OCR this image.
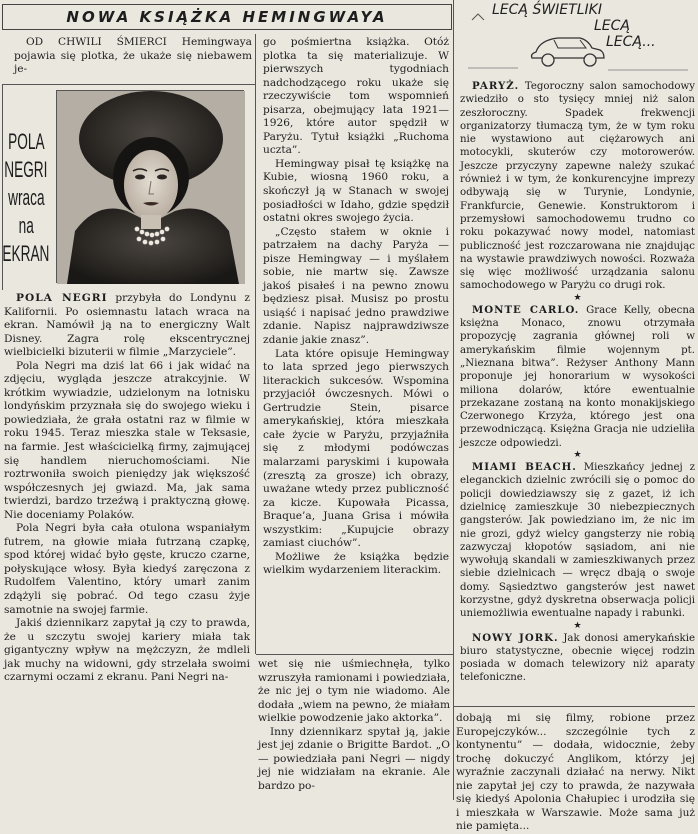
NOWA KSIĄŻKA HEMINGWAYA

OD CHWILI ŚMIERCI Hemingwaya pojawia się plotka, że ukaże się niebawem je-

go pośmiertna książka. Otóż plotka ta się materializuje. W pierwszych tygodniach nadchodzącego roku ukaże się rzeczywiście tom wspomnień pisarza, obejmujący lata 1921—1926, które autor spędził w Paryżu. Tytuł książki „Ruchoma uczta”.

Hemingway pisał tę książkę na Kubie, wiosną 1960 roku, a skończył ją w Stanach w swojej posiadłości w Idaho, gdzie spędził ostatni okres swojego życia.

„Często stałem w oknie i patrzałem na dachy Paryża — pisze Hemingway — i myślałem sobie, nie martw się. Zawsze jakoś pisałeś i na pewno znowu będziesz pisał. Musisz po prostu usiąść i napisać jedno prawdziwe zdanie. Napisz najprawdziwsze zdanie jakie znasz”.

Lata które opisuje Hemingway to lata sprzed jego pierwszych literackich sukcesów. Wspomina przyjaciół ówczesnych. Mówi o Gertrudzie Stein, pisarce amerykańskiej, która mieszkała całe życie w Paryżu, przyjaźniła się z młodymi podówczas malarzami paryskimi i kupowała (zresztą za grosze) ich obrazy, uważane wtedy przez publiczność za kicze. Kupowała Picassa, Braque’a, Juana Grisa i mówiła wszystkim: „Kupujcie obrazy zamiast ciuchów”.

Możliwe że książka będzie wielkim wydarzeniem literackim.

POLA
NEGRI
wraca
na
EKRAN

POLA NEGRI przybyła do Londynu z Kalifornii. Po osiemnastu latach wraca na ekran. Namówił ją na to energiczny Walt Disney. Zagra rolę ekscentrycznej wielbicielki bizuterii w filmie „Marzyciele”.

Pola Negri ma dziś lat 66 i jak widać na zdjęciu, wygląda jeszcze atrakcyjnie. W krótkim wywiadzie, udzielonym na lotnisku londyńskim przyznała się do swojego wieku i powiedziała, że grała ostatni raz w filmie w roku 1945. Teraz mieszka stale w Teksasie, na farmie. Jest właścicielką firmy, zajmującej się handlem nieruchomościami. Nie roztrwoniła swoich pieniędzy jak większość współczesnych jej gwiazd. Ma, jak sama twierdzi, bardzo trzeźwą i praktyczną głowę. Nie doceniamy Polaków.

Pola Negri była cała otulona wspaniałym futrem, na głowie miała futrzaną czapkę, spod której widać było gęste, kruczo czarne, połyskujące włosy. Była kiedyś zaręczona z Rudolfem Valentino, który umarł zanim zdążyli się pobrać. Od tego czasu żyje samotnie na swojej farmie.

Jakiś dziennikarz zapytał ją czy to prawda, że u szczytu swojej kariery miała tak gigantyczny wpływ na mężczyzn, że mdleli jak muchy na widowni, gdy strzelała swoimi czarnymi oczami z ekranu. Pani Negri na-

wet się nie uśmiechnęła, tylko wzruszyła ramionami i powiedziała, że nic jej o tym nie wiadomo. Ale dodała „wiem na pewno, że miałam wielkie powodzenie jako aktorka”.

Inny dziennikarz spytał ją, jakie jest jej zdanie o Brigitte Bardot. „O — powiedziała pani Negri — nigdy jej nie widziałam na ekranie. Ale bardzo po-

dobają mi się filmy, robione przez Europejczyków... szczególnie tych z kontynentu” — dodała, widocznie, żeby trochę dokuczyć Anglikom, którzy jej wyraźnie zaczynali działać na nerwy. Nikt nie zapytał jej czy to prawda, że nazywała się kiedyś Apolonia Chałupiec i urodziła się i mieszkała w Warszawie. Może sama już nie pamięta...

LECĄ ŚWIETLIKI
LECĄ
LECĄ...

PARYŻ. Tegoroczny salon samochodowy zwiedziło o sto tysięcy mniej niż salon zeszłoroczny. Spadek frekwencji organizatorzy tłumaczą tym, że w tym roku nie wystawiono aut ciężarowych ani motocykli, skuterów czy motorowerów. Jeszcze przyczyny zapewne należy szukać również i w tym, że konkurencyjne imprezy odbywają się w Turynie, Londynie, Frankfurcie, Genewie. Konstruktorom i przemysłowi samochodowemu trudno co roku pokazywać nowy model, natomiast publiczność jest rozczarowana nie znajdując na wystawie prawdziwych nowości. Rozważa się więc możliwość urządzania salonu samochodowego w Paryżu co drugi rok.

★

MONTE CARLO. Grace Kelly, obecna księżna Monaco, znowu otrzymała propozycję zagrania głównej roli w amerykańskim filmie wojennym pt. „Nieznana bitwa”. Reżyser Anthony Mann proponuje jej honorarium w wysokości miliona dolarów, które ewentualnie przekazane zostaną na konto monakijskiego Czerwonego Krzyża, którego jest ona przewodniczącą. Księżna Gracja nie udzieliła jeszcze odpowiedzi.

★

MIAMI BEACH. Mieszkańcy jednej z eleganckich dzielnic zwrócili się o pomoc do policji dowiedziawszy się z gazet, iż ich dzielnicę zamieszkuje 30 niebezpiecznych gangsterów. Jak powiedziano im, że nic im nie grozi, gdyż wielcy gangsterzy nie robią zazwyczaj kłopotów sąsiadom, ani nie wywołują skandali w zamieszkiwanych przez siebie dzielnicach — wręcz dbają o swoje domy. Sąsiedztwo gangsterów jest nawet korzystne, gdyż dyskretna obserwacja policji uniemożliwia ewentualne napady i rabunki.

★

NOWY JORK. Jak donosi amerykańskie biuro statystyczne, obecnie więcej rodzin posiada w domach telewizory niż aparaty telefoniczne.
